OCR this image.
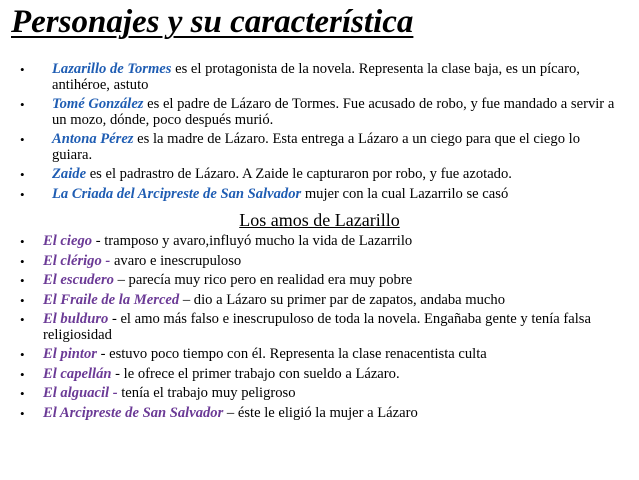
Personajes y su característica
• Lazarillo de Tormes es el protagonista de la novela. Representa la clase baja, es un pícaro, antihéroe, astuto
• Tomé González es el padre de Lázaro de Tormes. Fue acusado de robo, y fue mandado a servir a un mozo, dónde, poco después murió.
• Antona Pérez es la madre de Lázaro. Esta entrega a Lázaro a un ciego para que el ciego lo guiara.
• Zaide es el padrastro de Lázaro. A Zaide le capturaron por robo, y fue azotado.
• La Criada del Arcipreste de San Salvador mujer con la cual Lazarrilo se casó
Los amos de Lazarillo
• El ciego - tramposo y avaro,influyó mucho la vida de Lazarrilo
• El clérigo - avaro e inescrupuloso
• El escudero – parecía muy rico pero en realidad era muy pobre
• El Fraile de la Merced – dio a Lázaro su primer par de zapatos, andaba mucho
• El bulduro - el amo más falso e inescrupuloso de toda la novela. Engañaba gente y tenía falsa religiosidad
• El pintor - estuvo poco tiempo con él. Representa la clase renacentista culta
• El capellán - le ofrece el primer trabajo con sueldo a Lázaro.
• El alguacil - tenía el trabajo muy peligroso
• El Arcipreste de San Salvador – éste le eligió la mujer a Lázaro
